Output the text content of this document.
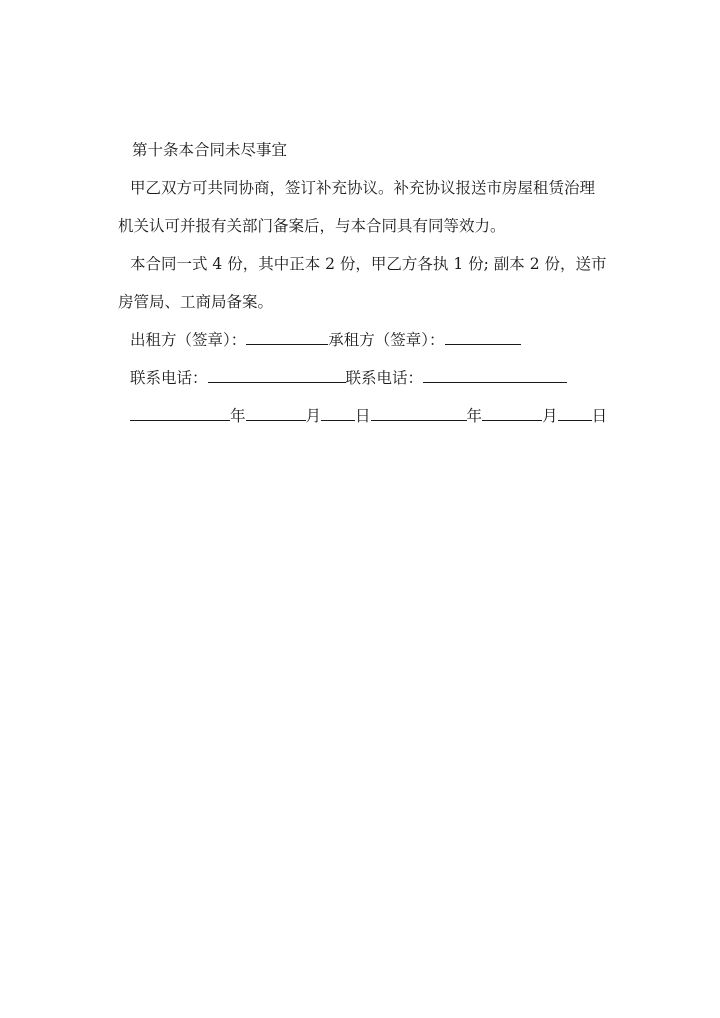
第十条本合同未尽事宜

甲乙双方可共同协商，签订补充协议。补充协议报送市房屋租赁治理

机关认可并报有关部门备案后，与本合同具有同等效力。

本合同一式 4 份，其中正本 2 份，甲乙方各执 1 份; 副本 2 份，送市

房管局、工商局备案。

出租方（签章）：	承租方（签章）：

联系电话：	联系电话：

年	月 日	年	月 日
